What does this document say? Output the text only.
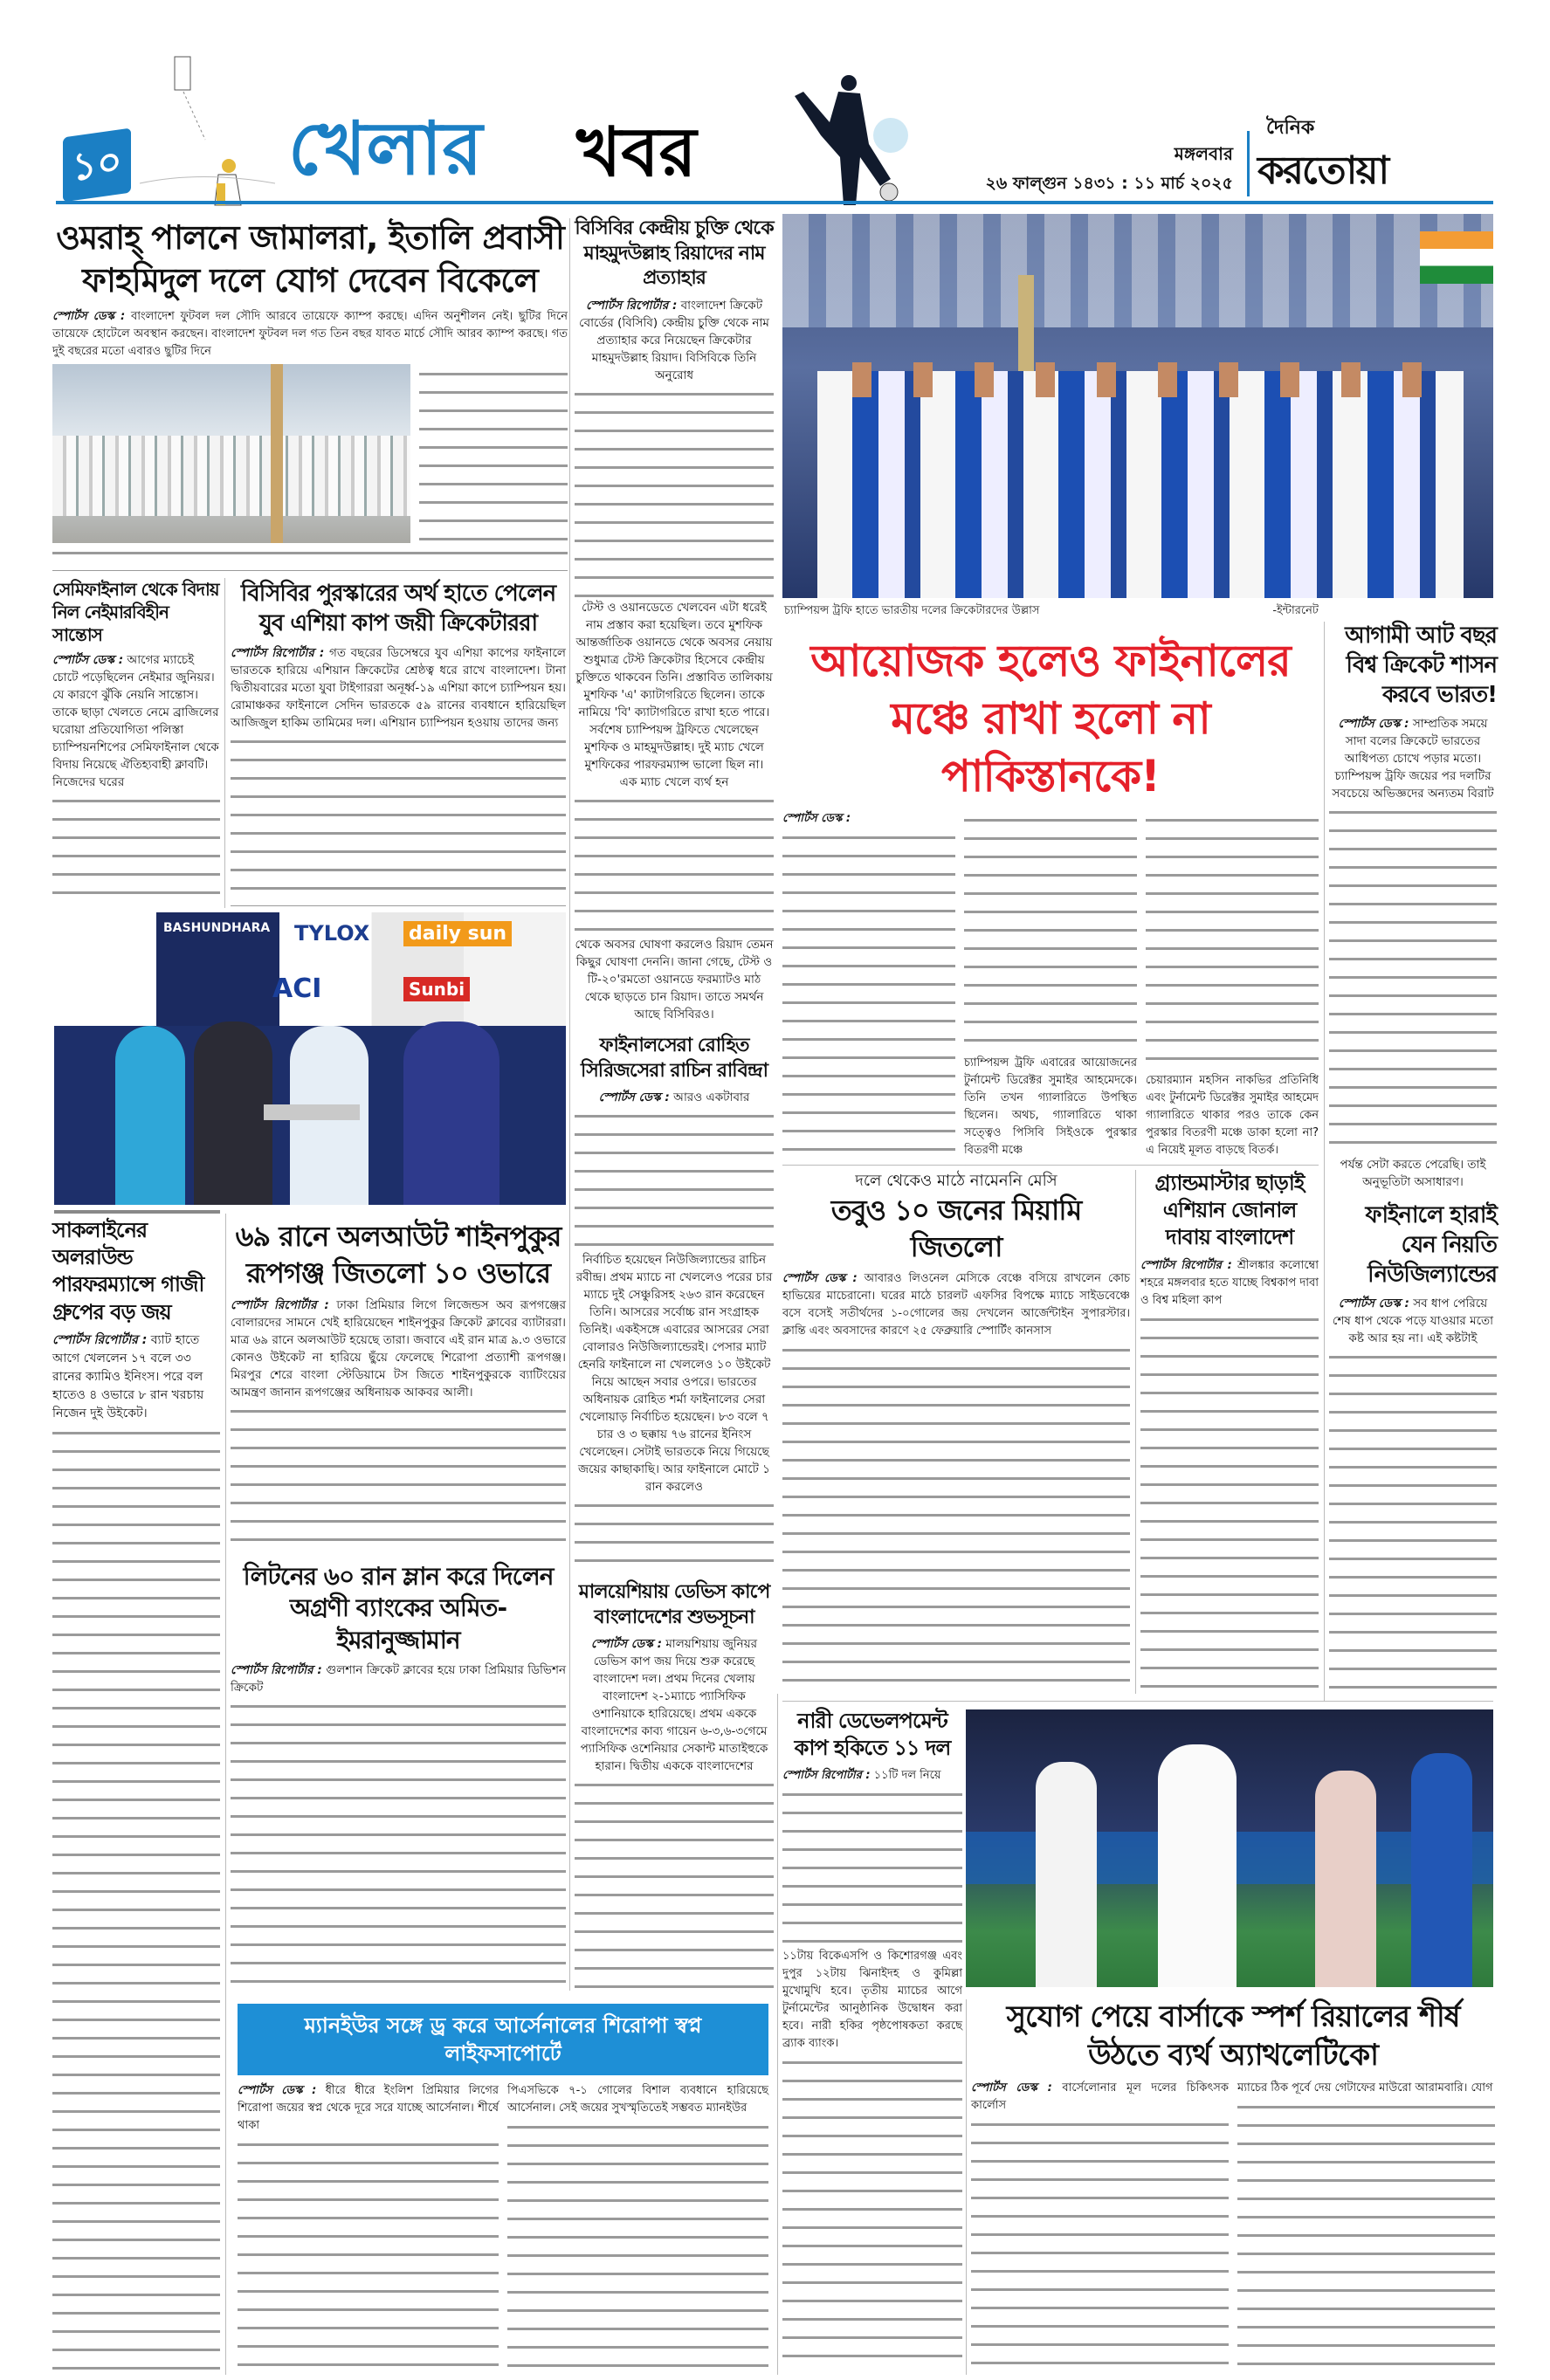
১০ খেলার খবর	মঙ্গলবার
২৬ ফাল্গুন ১৪৩১ : ১১ মার্চ ২০২৫
দৈনিক
করতোয়া
ওমরাহ্ পালনে জামালরা, ইতালি প্রবাসী ফাহমিদুল দলে যোগ দেবেন বিকেলে

স্পোর্টস ডেস্ক : বাংলাদেশ ফুটবল দল সৌদি আরবে তায়েফে ক্যাম্প করছে। এদিন অনুশীলন নেই। ছুটির দিনে তায়েফে হোটেলে অবস্থান করছেন। বাংলাদেশ ফুটবল দল গত তিন বছর যাবত মার্চে সৌদি আরব ক্যাম্প করছে। গত দুই বছরের মতো এবারও ছুটির দিনে

বিসিবির কেন্দ্রীয় চুক্তি থেকে মাহমুদউল্লাহ রিয়াদের নাম প্রত্যাহার

স্পোর্টস রিপোর্টার : বাংলাদেশ ক্রিকেট বোর্ডের (বিসিবি) কেন্দ্রীয় চুক্তি থেকে নাম প্রত্যাহার করে নিয়েছেন ক্রিকেটার মাহমুদউল্লাহ রিয়াদ। বিসিবিকে তিনি অনুরোধ

টেস্ট ও ওয়ানডেতে খেলবেন এটা ধরেই নাম প্রস্তাব করা হয়েছিল। তবে মুশফিক আন্তর্জাতিক ওয়ানডে থেকে অবসর নেয়ায় শুধুমাত্র টেস্ট ক্রিকেটার হিসেবে কেন্দ্রীয় চুক্তিতে থাকবেন তিনি। প্রস্তাবিত তালিকায় মুশফিক 'এ' ক্যাটাগরিতে ছিলেন। তাকে নামিয়ে 'বি' ক্যাটাগরিতে রাখা হতে পারে। সর্বশেষ চ্যাম্পিয়ন্স ট্রফিতে খেলেছেন মুশফিক ও মাহমুদউল্লাহ। দুই ম্যাচ খেলে মুশফিকের পারফরম্যান্স ভালো ছিল না। এক ম্যাচ খেলে ব্যর্থ হন

থেকে অবসর ঘোষণা করলেও রিয়াদ তেমন কিছুর ঘোষণা দেননি। জানা গেছে, টেস্ট ও টি-২০'রমতো ওয়ানডে ফরম্যাটও মাঠ থেকে ছাড়তে চান রিয়াদ। তাতে সমর্থন আছে বিসিবিরও।

ফাইনালসেরা রোহিত সিরিজসেরা রাচিন রাবিন্দ্রা

স্পোর্টস ডেস্ক : আরও একটাবার

নির্বাচিত হয়েছেন নিউজিল্যান্ডের রাচিন রবীন্দ্র। প্রথম ম্যাচে না খেললেও পরের চার ম্যাচে দুই সেঞ্চুরিসহ ২৬৩ রান করেছেন তিনি। আসরের সর্বোচ্চ রান সংগ্রাহক তিনিই। একইসঙ্গে এবারের আসরের সেরা বোলারও নিউজিল্যান্ডেরই। পেসার ম্যাট হেনরি ফাইনালে না খেললেও ১০ উইকেট নিয়ে আছেন সবার ওপরে। ভারতের অধিনায়ক রোহিত শর্মা ফাইনালের সেরা খেলোয়াড় নির্বাচিত হয়েছেন। ৮৩ বলে ৭ চার ও ৩ ছক্কায় ৭৬ রানের ইনিংস খেলেছেন। সেটাই ভারতকে নিয়ে গিয়েছে জয়ের কাছাকাছি। আর ফাইনালে মোটে ১ রান করলেও

মালয়েশিয়ায় ডেভিস কাপে বাংলাদেশের শুভসূচনা

স্পোর্টস ডেস্ক : মালয়শিয়ায় জুনিয়র ডেভিস কাপ জয় দিয়ে শুরু করেছে বাংলাদেশ দল। প্রথম দিনের খেলায় বাংলাদেশ ২-১ম্যাচে প্যাসিফিক ওশানিয়াকে হারিয়েছে। প্রথম এককে বাংলাদেশের কাব্য গায়েন ৬-৩,৬-৩গেমে প্যাসিফিক ওশেনিয়ার সেকান্ট মাতাইহুকে হারান। দ্বিতীয় এককে বাংলাদেশের

সেমিফাইনাল থেকে বিদায় নিল নেইমারবিহীন সান্তোস

স্পোর্টস ডেস্ক : আগের ম্যাচেই চোটে পড়েছিলেন নেইমার জুনিয়র। যে কারণে ঝুঁকি নেয়নি সান্তোস। তাকে ছাড়া খেলতে নেমে ব্রাজিলের ঘরোয়া প্রতিযোগিতা পলিস্তা চ্যাম্পিয়নশিপের সেমিফাইনাল থেকে বিদায় নিয়েছে ঐতিহ্যবাহী ক্লাবটি। নিজেদের ঘরের

বিসিবির পুরস্কারের অর্থ হাতে পেলেন যুব এশিয়া কাপ জয়ী ক্রিকেটাররা

স্পোর্টস রিপোর্টার : গত বছরের ডিসেম্বরে যুব এশিয়া কাপের ফাইনালে ভারতকে হারিয়ে এশিয়ান ক্রিকেটের শ্রেষ্ঠত্ব ধরে রাখে বাংলাদেশ। টানা দ্বিতীয়বারের মতো যুবা টাইগাররা অনূর্ধ্ব-১৯ এশিয়া কাপে চ্যাম্পিয়ন হয়। রোমাঞ্চকর ফাইনালে সেদিন ভারতকে ৫৯ রানের ব্যবধানে হারিয়েছিল আজিজুল হাকিম তামিমের দল। এশিয়ান চ্যাম্পিয়ন হওয়ায় তাদের জন্য

BASHUNDHARA TYLOX daily sun
ACI	Sunbi
সাকলাইনের অলরাউন্ড পারফরম্যান্সে গাজী গ্রুপের বড় জয়

স্পোর্টস রিপোর্টার : ব্যাট হাতে আগে খেললেন ১৭ বলে ৩৩ রানের ক্যামিও ইনিংস। পরে বল হাতেও ৪ ওভারে ৮ রান খরচায় নিজেন দুই উইকেট।

৬৯ রানে অলআউট শাইনপুকুর রূপগঞ্জ জিতলো ১০ ওভারে

স্পোর্টস রিপোর্টার : ঢাকা প্রিমিয়ার লিগে লিজেন্ডস অব রূপগঞ্জের বোলারদের সামনে খেই হারিয়েছেন শাইনপুকুর ক্রিকেট ক্লাবের ব্যাটাররা। মাত্র ৬৯ রানে অলআউট হয়েছে তারা। জবাবে এই রান মাত্র ৯.৩ ওভারে কোনও উইকেট না হারিয়ে ছুঁয়ে ফেলেছে শিরোপা প্রত্যাশী রূপগঞ্জ। মিরপুর শেরে বাংলা স্টেডিয়ামে টস জিতে শাইনপুকুরকে ব্যাটিংয়ের আমন্ত্রণ জানান রূপগঞ্জের অধিনায়ক আকবর আলী।

লিটনের ৬০ রান ম্লান করে দিলেন অগ্রণী ব্যাংকের অমিত-ইমরানুজ্জামান

স্পোর্টস রিপোর্টার : গুলশান ক্রিকেট ক্লাবের হয়ে ঢাকা প্রিমিয়ার ডিভিশন ক্রিকেট

ম্যানইউর সঙ্গে ড্র করে আর্সেনালের শিরোপা স্বপ্ন লাইফসাপোর্টে

স্পোর্টস ডেস্ক : ধীরে ধীরে ইংলিশ প্রিমিয়ার লিগের শিরোপা জয়ের স্বপ্ন থেকে দূরে সরে যাচ্ছে আর্সেনাল। শীর্ষে থাকা

পিএসভিকে ৭-১ গোলের বিশাল ব্যবধানে হারিয়েছে আর্সেনাল। সেই জয়ের সুখস্মৃতিতেই সম্ভবত ম্যানইউর

চ্যাম্পিয়ন্স ট্রফি হাতে ভারতীয় দলের ক্রিকেটারদের উল্লাস	-ইন্টারনেট
আয়োজক হলেও ফাইনালের মঞ্চে রাখা হলো না পাকিস্তানকে!

স্পোর্টস ডেস্ক :

চ্যাম্পিয়ন্স ট্রফি এবারের আয়োজনের টুর্নামেন্ট ডিরেক্টর সুমাইর আহমেদকে। তিনি তখন গ্যালারিতে উপস্থিত ছিলেন। অথচ, গ্যালারিতে থাকা সত্ত্বেও পিসিবি সিইওকে পুরস্কার বিতরণী মঞ্চে

চেয়ারম্যান মহসিন নাকভির প্রতিনিধি এবং টুর্নামেন্ট ডিরেক্টর সুমাইর আহমেদ গ্যালারিতে থাকার পরও তাকে কেন পুরস্কার বিতরণী মঞ্চে ডাকা হলো না? এ নিয়েই মূলত বাড়ছে বিতর্ক।

আগামী আট বছর বিশ্ব ক্রিকেট শাসন করবে ভারত!

স্পোর্টস ডেস্ক : সাম্প্রতিক সময়ে সাদা বলের ক্রিকেটে ভারতের আধিপত্য চোখে পড়ার মতো। চ্যাম্পিয়ন্স ট্রফি জয়ের পর দলটির সবচেয়ে অভিজ্ঞদের অন্যতম বিরাট

পর্যন্ত সেটা করতে পেরেছি। তাই অনুভূতিটা অসাধারণ।

ফাইনালে হারাই যেন নিয়তি নিউজিল্যান্ডের

স্পোর্টস ডেস্ক : সব ধাপ পেরিয়ে শেষ ধাপ থেকে পড়ে যাওয়ার মতো কষ্ট আর হয় না। এই কষ্টটাই

দলে থেকেও মাঠে নামেননি মেসি
তবুও ১০ জনের মিয়ামি জিতলো

স্পোর্টস ডেস্ক : আবারও লিওনেল মেসিকে বেঞ্চে বসিয়ে রাখলেন কোচ হাভিয়ের মাচেরানো। ঘরের মাঠে চারলট এফসির বিপক্ষে ম্যাচে সাইডবেঞ্চে বসে বসেই সতীর্থদের ১-০গোলের জয় দেখলেন আর্জেন্টাইন সুপারস্টার। ক্লান্তি এবং অবসাদের কারণে ২৫ ফেব্রুয়ারি স্পোর্টিং কানসাস

গ্র্যান্ডমাস্টার ছাড়াই এশিয়ান জোনাল দাবায় বাংলাদেশ

স্পোর্টস রিপোর্টার : শ্রীলঙ্কার কলোম্বো শহরে মঙ্গলবার হতে যাচ্ছে বিশ্বকাপ দাবা ও বিশ্ব মহিলা কাপ

নারী ডেভেলপমেন্ট কাপ হকিতে ১১ দল

স্পোর্টস রিপোর্টার : ১১টি দল নিয়ে

১১টায় বিকেএসপি ও কিশোরগঞ্জ এবং দুপুর ১২টায় ঝিনাইদহ ও কুমিল্লা মুখোমুখি হবে। তৃতীয় ম্যাচের আগে টুর্নামেন্টের আনুষ্ঠানিক উদ্বোধন করা হবে। নারী হকির পৃষ্ঠপোষকতা করছে ব্র্যাক ব্যাংক।

সুযোগ পেয়ে বার্সাকে স্পর্শ রিয়ালের শীর্ষ উঠতে ব্যর্থ অ্যাথলেটিকো

স্পোর্টস ডেস্ক : বার্সেলোনার মূল দলের চিকিৎসক কার্লোস

ম্যাচের ঠিক পূর্বে দেয় গেটাফের মাউরো আরামবারি। যোগ
